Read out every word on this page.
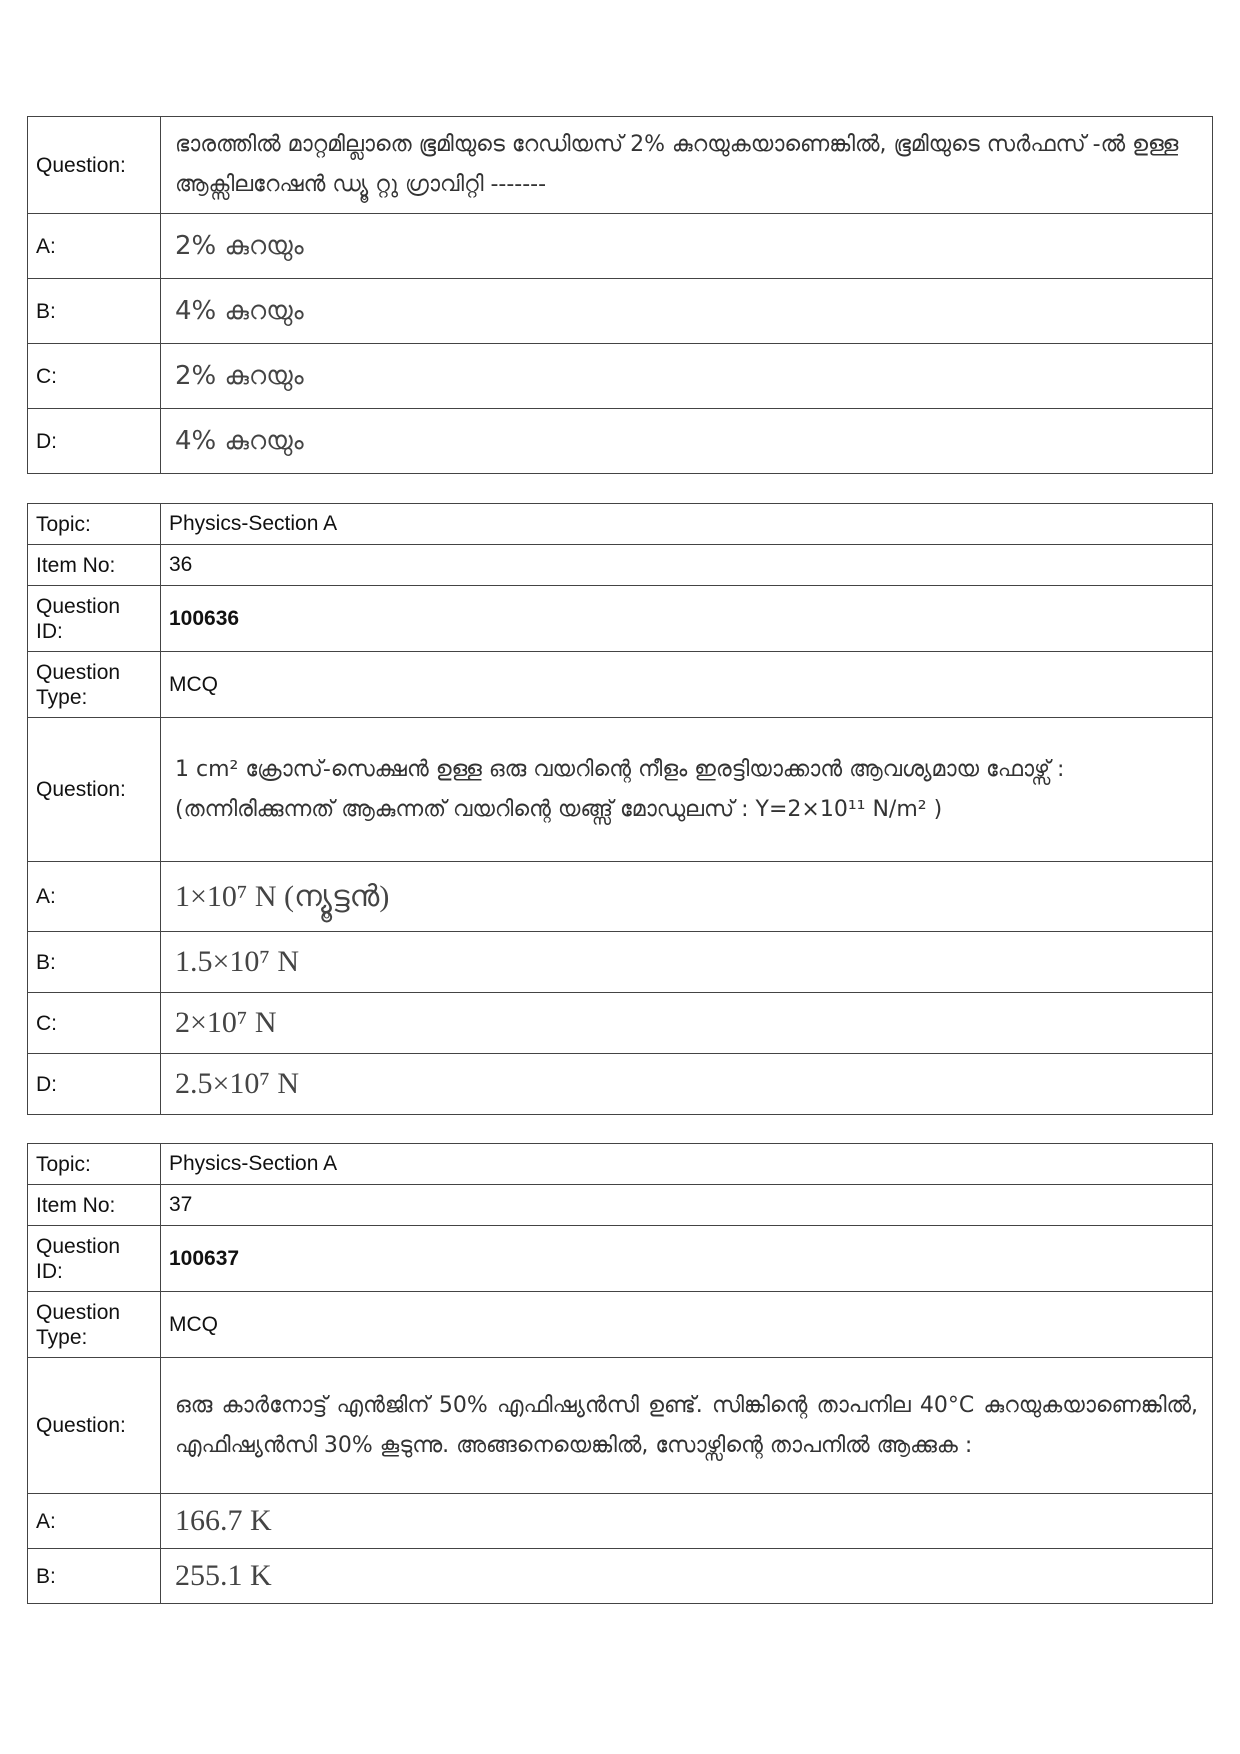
Question:	ഭാരത്തിൽ മാറ്റമില്ലാതെ ഭൂമിയുടെ റേഡിയസ് 2% കുറയുകയാണെങ്കിൽ, ഭൂമിയുടെ സർഫസ് -ൽ ഉള്ള ആക്സിലറേഷൻ ഡ്യൂ റ്റു ഗ്രാവിറ്റി -------
A:	2% കുറയും
B:	4% കുറയും
C:	2% കുറയും
D:	4% കുറയും
Topic:	Physics-Section A
Item No:	36
Question ID:	100636
Question Type:	MCQ
Question:	1 cm² ക്രോസ്-സെക്ഷൻ ഉള്ള ഒരു വയറിന്റെ നീളം ഇരട്ടിയാക്കാൻ ആവശ്യമായ ഫോഴ്സ് :
(തന്നിരിക്കുന്നത് ആകുന്നത് വയറിന്റെ യങ്ങ്സ് മോഡുലസ് : Y=2×10¹¹ N/m² )

A:	1×10⁷ N (ന്യൂട്ടൻ)
B:	1.5×10⁷ N
C:	2×10⁷ N
D:	2.5×10⁷ N
Topic:	Physics-Section A
Item No:	37
Question ID:	100637
Question Type:	MCQ
Question:	ഒരു കാർനോട്ട് എൻജിന് 50% എഫിഷ്യൻസി ഉണ്ട്. സിങ്കിന്റെ താപനില 40°C കുറയുകയാണെങ്കിൽ, എഫിഷ്യൻസി 30% കൂടുന്നു. അങ്ങനെയെങ്കിൽ, സോഴ്സിന്റെ താപനിൽ ആക്കുക :
A:	166.7 K
B:	255.1 K
